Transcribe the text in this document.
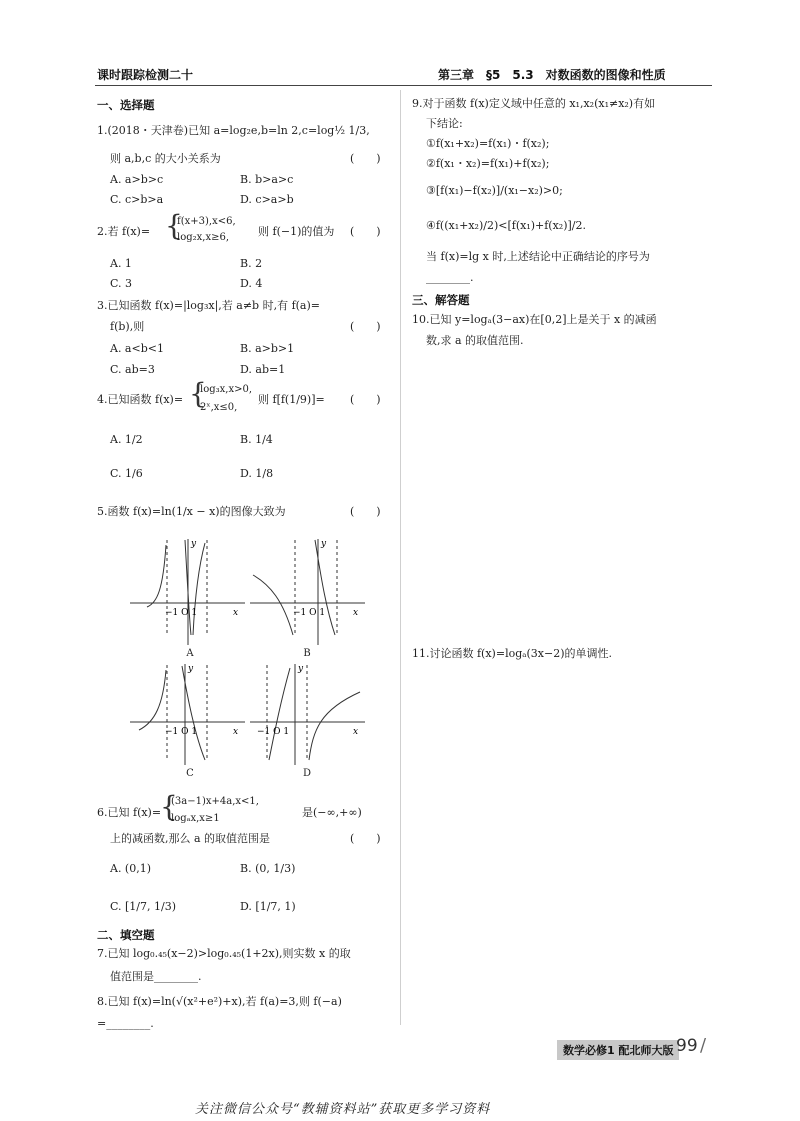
课时跟踪检测二十	第三章　§5　5.3　对数函数的图像和性质
一、选择题
1.(2018・天津卷)已知 a=log₂e,b=ln 2,c=log½ 1/3,
则 a,b,c 的大小关系为	(　　)
A. a>b>c	B. b>a>c
C. c>b>a	D. c>a>b
2.若 f(x)= {
f(x+3),x<6,
log₂x,x≥6,	则 f(−1)的值为 (　　)
A. 1	B. 2
C. 3	D. 4
3.已知函数 f(x)=|log₃x|,若 a≠b 时,有 f(a)=
f(b),则	(　　)
A. a<b<1	B. a>b>1
C. ab=3	D. ab=1
4.已知函数 f(x)= {
log₃x,x>0,
2ˣ,x≤0,
则 f[f(1/9)]= (　　)
A. 1/2	B. 1/4
C. 1/6	D. 1/8
5.函数 f(x)=ln(1/x − x)的图像大致为	(　　)
x
y
−1 O 1
A
x
y
−1 O 1
B
x
y
−1 O 1
C
x
y
−1 O 1
D
6.已知 f(x)=
{
(3a−1)x+4a,x<1,
logₐx,x≥1	是(−∞,+∞)
上的减函数,那么 a 的取值范围是	(　　)
A. (0,1)	B. (0, 1/3)
C. [1/7, 1/3)	D. [1/7, 1)
二、填空题
7.已知 log₀.₄₅(x−2)>log₀.₄₅(1+2x),则实数 x 的取
值范围是________.
8.已知 f(x)=ln(√(x²+e²)+x),若 f(a)=3,则 f(−a)
=________.
9.对于函数 f(x)定义域中任意的 x₁,x₂(x₁≠x₂)有如
下结论:
①f(x₁+x₂)=f(x₁)・f(x₂);
②f(x₁・x₂)=f(x₁)+f(x₂);
③[f(x₁)−f(x₂)]/(x₁−x₂)>0;
④f((x₁+x₂)/2)<[f(x₁)+f(x₂)]/2.
当 f(x)=lg x 时,上述结论中正确结论的序号为
________.
三、解答题
10.已知 y=logₐ(3−ax)在[0,2]上是关于 x 的减函
数,求 a 的取值范围.
11.讨论函数 f(x)=logₐ(3x−2)的单调性.
数学必修1 配北师大版 99 /
关注微信公众号“教辅资料站”获取更多学习资料
